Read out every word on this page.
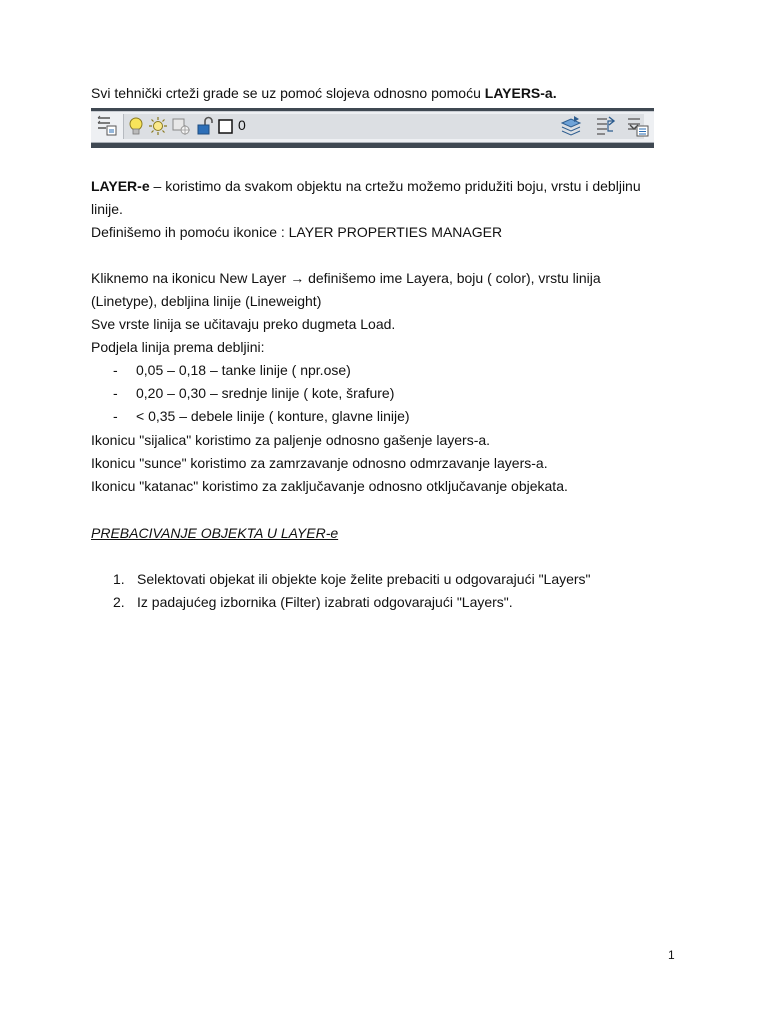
Svi tehnički crteži grade se uz pomoć slojeva odnosno pomoću LAYERS-a.
0
LAYER-e – koristimo da svakom objektu na crtežu možemo pridužiti boju, vrstu i debljinu
linije.
Definišemo ih pomoću ikonice : LAYER PROPERTIES MANAGER
Kliknemo na ikonicu New Layer → definišemo ime Layera, boju ( color), vrstu linija
(Linetype), debljina linije (Lineweight)
Sve vrste linija se učitavaju preko dugmeta Load.
Podjela linija prema debljini:
- 0,05 – 0,18 – tanke linije ( npr.ose)
- 0,20 – 0,30 – srednje linije ( kote, šrafure)
- < 0,35 – debele linije ( konture, glavne linije)
Ikonicu "sijalica" koristimo za paljenje odnosno gašenje layers-a.
Ikonicu "sunce" koristimo za zamrzavanje odnosno odmrzavanje layers-a.
Ikonicu "katanac" koristimo za zaključavanje odnosno otključavanje objekata.
PREBACIVANJE OBJEKTA U LAYER-e
1. Selektovati objekat ili objekte koje želite prebaciti u odgovarajući "Layers"
2. Iz padajućeg izbornika (Filter) izabrati odgovarajući "Layers".
1
